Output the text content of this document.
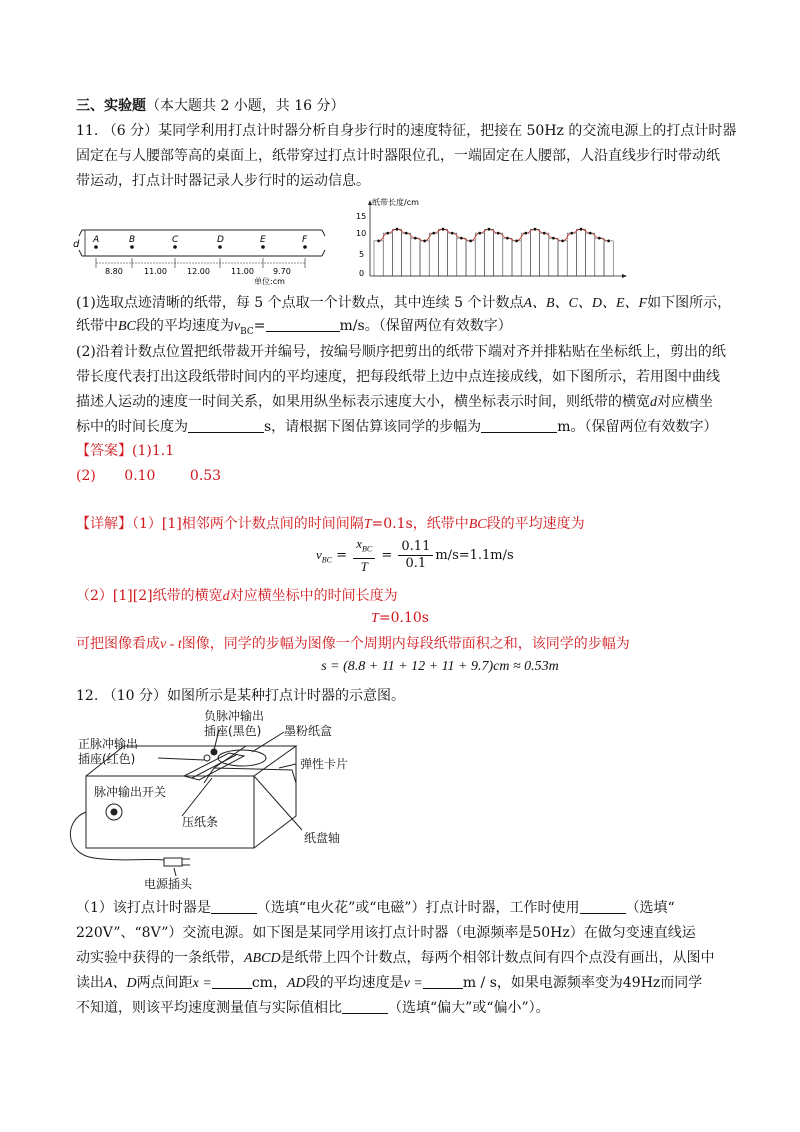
三、实验题（本大题共 2 小题，共 16 分）
11. （6 分）某同学利用打点计时器分析自身步行时的速度特征，把接在 50Hz 的交流电源上的打点计时器
固定在与人腰部等高的桌面上，纸带穿过打点计时器限位孔，一端固定在人腰部，人沿直线步行时带动纸
带运动，打点计时器记录人步行时的运动信息。
d A	B	C	D	E	F
8.80	11.00	12.00	11.00 9.70
单位:cm
纸带长度/cm
15
10
5
0
(1)选取点迹清晰的纸带，每 5 个点取一个计数点，其中连续 5 个计数点A、B、C、D、E、F如下图所示，
纸带中BC段的平均速度为$v_{BC}=$	m/s。（保留两位有效数字）
(2)沿着计数点位置把纸带裁开并编号，按编号顺序把剪出的纸带下端对齐并排粘贴在坐标纸上，剪出的纸
带长度代表打出这段纸带时间内的平均速度，把每段纸带上边中点连接成线，如下图所示，若用图中曲线
描述人运动的速度一时间关系，如果用纵坐标表示速度大小，横坐标表示时间，则纸带的横宽d对应横坐
标中的时间长度为	s，请根据下图估算该同学的步幅为	m。（保留两位有效数字）
【答案】(1)1.1
(2) 0.10 0.53
【详解】（1）[1]相邻两个计数点间的时间间隔T=0.1s，纸带中BC段的平均速度为
$v_{BC} = \frac{x_{BC}}{T} = \frac{0.11}{0.1} m/s=1.1m/s$
（2）[1][2]纸带的横宽d对应横坐标中的时间长度为
T=0.10s
可把图像看成v - t图像，同学的步幅为图像一个周期内每段纸带面积之和，该同学的步幅为
s = (8.8 + 11 + 12 + 11 + 9.7)cm ≈ 0.53m
12. （10 分）如图所示是某种打点计时器的示意图。
负脉冲输出
插座(黑色)
正脉冲输出
插座(红色)
墨粉纸盒
弹性卡片
脉冲输出开关
压纸条
纸盘轴
电源插头
（1）该打点计时器是	（选填“电火花”或“电磁”）打点计时器，工作时使用	（选填“
220V”、“8V”）交流电源。如下图是某同学用该打点计时器（电源频率是50Hz）在做匀变速直线运
动实验中获得的一条纸带，ABCD是纸带上四个计数点，每两个相邻计数点间有四个点没有画出，从图中
读出A、D两点间距x =	cm，AD段的平均速度是v =	m / s，如果电源频率变为49Hz而同学
不知道，则该平均速度测量值与实际值相比	（选填“偏大”或“偏小”）。
